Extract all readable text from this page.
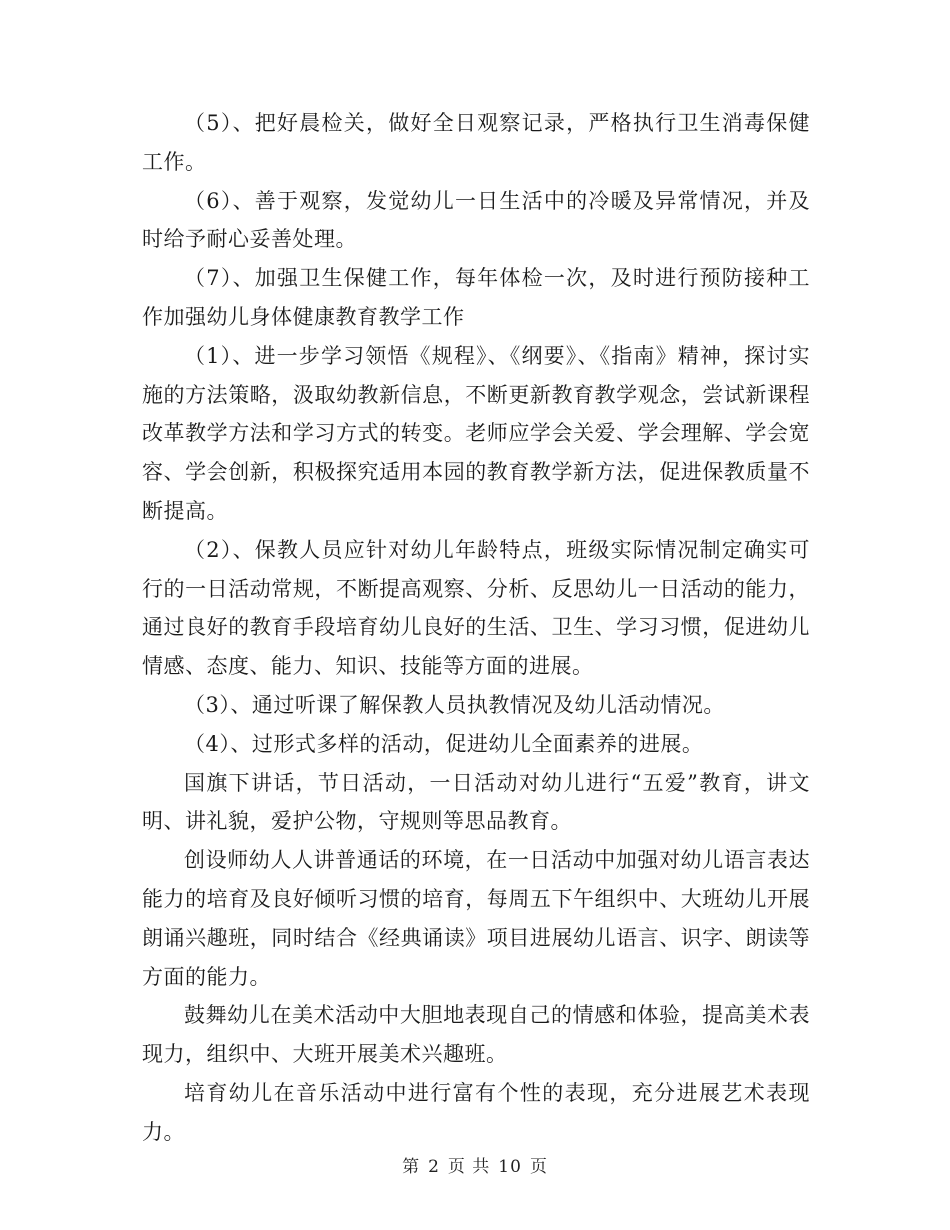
（5）、把好晨检关，做好全日观察记录，严格执行卫生消毒保健工作。

（6）、善于观察，发觉幼儿一日生活中的冷暖及异常情况，并及时给予耐心妥善处理。

（7）、加强卫生保健工作，每年体检一次，及时进行预防接种工作加强幼儿身体健康教育教学工作

（1）、进一步学习领悟《规程》、《纲要》、《指南》精神，探讨实施的方法策略，汲取幼教新信息，不断更新教育教学观念，尝试新课程改革教学方法和学习方式的转变。老师应学会关爱、学会理解、学会宽容、学会创新，积极探究适用本园的教育教学新方法，促进保教质量不断提高。

（2）、保教人员应针对幼儿年龄特点，班级实际情况制定确实可行的一日活动常规，不断提高观察、分析、反思幼儿一日活动的能力，通过良好的教育手段培育幼儿良好的生活、卫生、学习习惯，促进幼儿情感、态度、能力、知识、技能等方面的进展。

（3）、通过听课了解保教人员执教情况及幼儿活动情况。

（4）、过形式多样的活动，促进幼儿全面素养的进展。

国旗下讲话，节日活动，一日活动对幼儿进行“五爱”教育，讲文明、讲礼貌，爱护公物，守规则等思品教育。

创设师幼人人讲普通话的环境，在一日活动中加强对幼儿语言表达能力的培育及良好倾听习惯的培育，每周五下午组织中、大班幼儿开展朗诵兴趣班，同时结合《经典诵读》项目进展幼儿语言、识字、朗读等方面的能力。

鼓舞幼儿在美术活动中大胆地表现自己的情感和体验，提高美术表现力，组织中、大班开展美术兴趣班。

培育幼儿在音乐活动中进行富有个性的表现，充分进展艺术表现力。

第 2 页 共 10 页
